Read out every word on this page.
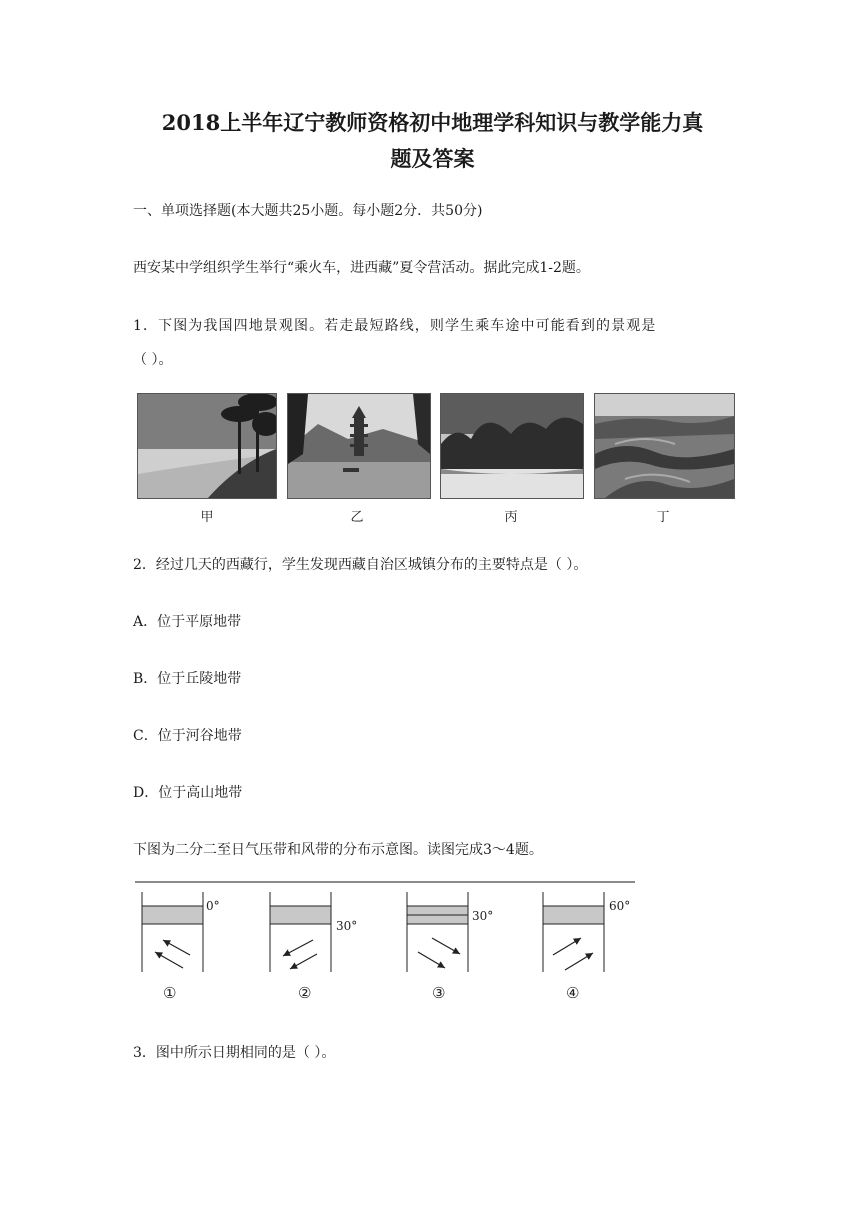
2018上半年辽宁教师资格初中地理学科知识与教学能力真
题及答案
一、单项选择题(本大题共25小题。每小题2分．共50分)
西安某中学组织学生举行“乘火车，进西藏”夏令营活动。据此完成1-2题。
1．下图为我国四地景观图。若走最短路线，则学生乘车途中可能看到的景观是
（ ）。
甲	乙	丙	丁
2．经过几天的西藏行，学生发现西藏自治区城镇分布的主要特点是（ ）。
A．位于平原地带
B．位于丘陵地带
C．位于河谷地带
D．位于高山地带
下图为二分二至日气压带和风带的分布示意图。读图完成3～4题。
0°
①
30°
②
30°
③
60°
④
3．图中所示日期相同的是（ ）。
